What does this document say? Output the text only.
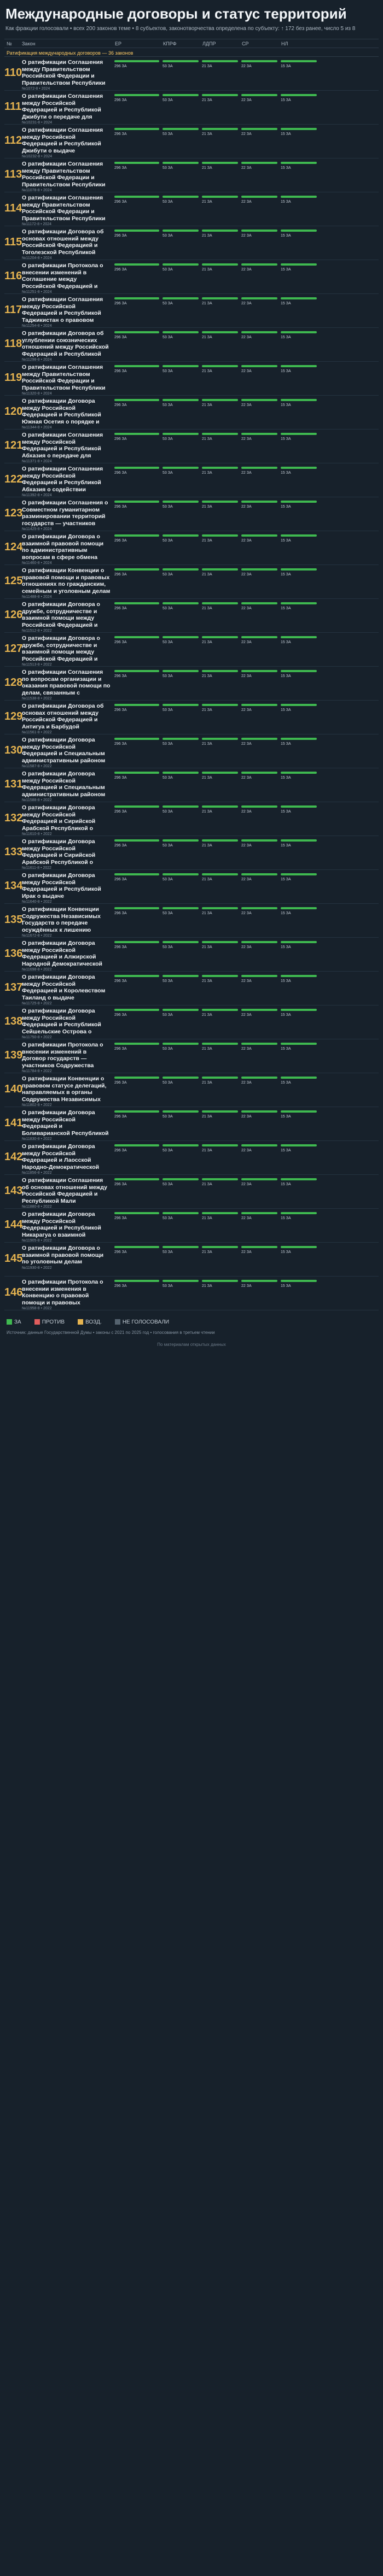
Международные договоры и статус территорий
Как фракции голосовали • всех 200 законов теме • 8 субъектов, законотворчества определена по субъекту: ↑ 172 без ранее, число 5 из 8
№	Закон	ЕР	КПРФ	ЛДПР	СР	НЛ
Ратификация международных договоров — 36 законов
110
О ратификации Соглашения между Правительством Российской Федерации и Правительством Республики
№1072-8 • 2024
296 ЗА	53 ЗА	21 ЗА	22 ЗА	15 ЗА
111
О ратификации Соглашения между Российской Федерацией и Республикой Джибути о передаче для
№10231-8 • 2024
296 ЗА	53 ЗА	21 ЗА	22 ЗА	15 ЗА
112
О ратификации Соглашения между Российской Федерацией и Республикой Джибути о выдаче
№10232-8 • 2024
296 ЗА	53 ЗА	21 ЗА	22 ЗА	15 ЗА
113
О ратификации Соглашения между Правительством Российской Федерации и Правительством Республики
№11078-8 • 2024
296 ЗА	53 ЗА	21 ЗА	22 ЗА	15 ЗА
114
О ратификации Соглашения между Правительством Российской Федерации и Правительством Республики
№11172-8 • 2024
296 ЗА	53 ЗА	21 ЗА	22 ЗА	15 ЗА
115
О ратификации Договора об основах отношений между Российской Федерацией и Тоголезской Республикой
№11204-8 • 2024
296 ЗА	53 ЗА	21 ЗА	22 ЗА	15 ЗА
116
О ратификации Протокола о внесении изменений в Соглашение между Российской Федерацией и
№11251-8 • 2024
296 ЗА	53 ЗА	21 ЗА	22 ЗА	15 ЗА
117
О ратификации Соглашения между Российской Федерацией и Республикой Таджикистан о правовом
№11254-8 • 2024
296 ЗА	53 ЗА	21 ЗА	22 ЗА	15 ЗА
118
О ратификации Договора об углублении союзнических отношений между Российской Федерацией и Республикой
№11298-8 • 2024
296 ЗА	53 ЗА	21 ЗА	22 ЗА	15 ЗА
119
О ратификации Соглашения между Правительством Российской Федерации и Правительством Республики
№11320-8 • 2024
296 ЗА	53 ЗА	21 ЗА	22 ЗА	15 ЗА
120
О ратификации Договора между Российской Федерацией и Республикой Южная Осетия о порядке и
№11344-8 • 2024
296 ЗА	53 ЗА	21 ЗА	22 ЗА	15 ЗА
121
О ратификации Соглашения между Российской Федерацией и Республикой Абхазия о передаче для
№11371-8 • 2024
296 ЗА	53 ЗА	21 ЗА	22 ЗА	15 ЗА
122
О ратификации Соглашения между Российской Федерацией и Республикой Абхазия о содействии
№11392-8 • 2024
296 ЗА	53 ЗА	21 ЗА	22 ЗА	15 ЗА
123
О ратификации Соглашения о Совместном гуманитарном разминировании территорий государств — участников
№11425-8 • 2024
296 ЗА	53 ЗА	21 ЗА	22 ЗА	15 ЗА
124
О ратификации Договора о взаимной правовой помощи по административным вопросам в сфере обмена
№11460-8 • 2024
296 ЗА	53 ЗА	21 ЗА	22 ЗА	15 ЗА
125
О ратификации Конвенции о правовой помощи и правовых отношениях по гражданским, семейным и уголовным делам
№11488-8 • 2024
296 ЗА	53 ЗА	21 ЗА	22 ЗА	15 ЗА
126
О ратификации Договора о дружбе, сотрудничестве и взаимной помощи между Российской Федерацией и
№11512-8 • 2022
296 ЗА	53 ЗА	21 ЗА	22 ЗА	15 ЗА
127
О ратификации Договора о дружбе, сотрудничестве и взаимной помощи между Российской Федерацией и
№11513-8 • 2022
296 ЗА	53 ЗА	21 ЗА	22 ЗА	15 ЗА
128
О ратификации Соглашения по вопросам организации и оказания правовой помощи по делам, связанным с
№11538-8 • 2022
296 ЗА	53 ЗА	21 ЗА	22 ЗА	15 ЗА
129
О ратификации Договора об основах отношений между Российской Федерацией и Антигуа и Барбудой
№11561-8 • 2022
296 ЗА	53 ЗА	21 ЗА	22 ЗА	15 ЗА
130
О ратификации Договора между Российской Федерацией и Специальным административным районом
№11587-8 • 2022
296 ЗА	53 ЗА	21 ЗА	22 ЗА	15 ЗА
131
О ратификации Договора между Российской Федерацией и Специальным административным районом
№11588-8 • 2022
296 ЗА	53 ЗА	21 ЗА	22 ЗА	15 ЗА
132
О ратификации Договора между Российской Федерацией и Сирийской Арабской Республикой о
№11610-8 • 2022
296 ЗА	53 ЗА	21 ЗА	22 ЗА	15 ЗА
133
О ратификации Договора между Российской Федерацией и Сирийской Арабской Республикой о
№11611-8 • 2022
296 ЗА	53 ЗА	21 ЗА	22 ЗА	15 ЗА
134
О ратификации Договора между Российской Федерацией и Республикой Ирак о выдаче
№11640-8 • 2022
296 ЗА	53 ЗА	21 ЗА	22 ЗА	15 ЗА
135
О ратификации Конвенции Содружества Независимых Государств о передаче осуждённых к лишению
№11672-8 • 2022
296 ЗА	53 ЗА	21 ЗА	22 ЗА	15 ЗА
136
О ратификации Договора между Российской Федерацией и Алжирской Народной Демократической
№11698-8 • 2022
296 ЗА	53 ЗА	21 ЗА	22 ЗА	15 ЗА
137
О ратификации Договора между Российской Федерацией и Королевством Таиланд о выдаче
№11725-8 • 2022
296 ЗА	53 ЗА	21 ЗА	22 ЗА	15 ЗА
138
О ратификации Договора между Российской Федерацией и Республикой Сейшельские Острова о
№11750-8 • 2022
296 ЗА	53 ЗА	21 ЗА	22 ЗА	15 ЗА
139
О ратификации Протокола о внесении изменений в Договор государств — участников Содружества
№11784-8 • 2022
296 ЗА	53 ЗА	21 ЗА	22 ЗА	15 ЗА
140
О ратификации Конвенции о правовом статусе делегаций, направляемых в органы Содружества Независимых
№11802-8 • 2022
296 ЗА	53 ЗА	21 ЗА	22 ЗА	15 ЗА
141
О ратификации Договора между Российской Федерацией и Боливарианской Республикой
№11830-8 • 2022
296 ЗА	53 ЗА	21 ЗА	22 ЗА	15 ЗА
142
О ратификации Договора между Российской Федерацией и Лаосской Народно-Демократической
№11856-8 • 2022
296 ЗА	53 ЗА	21 ЗА	22 ЗА	15 ЗА
143
О ратификации Соглашения об основах отношений между Российской Федерацией и Республикой Мали
№11880-8 • 2022
296 ЗА	53 ЗА	21 ЗА	22 ЗА	15 ЗА
144
О ратификации Договора между Российской Федерацией и Республикой Никарагуа о взаимной
№11905-8 • 2022
296 ЗА	53 ЗА	21 ЗА	22 ЗА	15 ЗА
145
О ратификации Договора о взаимной правовой помощи по уголовным делам
№11930-8 • 2022
296 ЗА	53 ЗА	21 ЗА	22 ЗА	15 ЗА
146
О ратификации Протокола о внесении изменения в Конвенцию о правовой помощи и правовых
№11958-8 • 2022
296 ЗА	53 ЗА	21 ЗА	22 ЗА	15 ЗА
ЗА	ПРОТИВ	ВОЗД.	НЕ ГОЛОСОВАЛИ
Источник: данные Государственной Думы • законы с 2021 по 2025 год • голосования в третьем чтении
По материалам открытых данных
